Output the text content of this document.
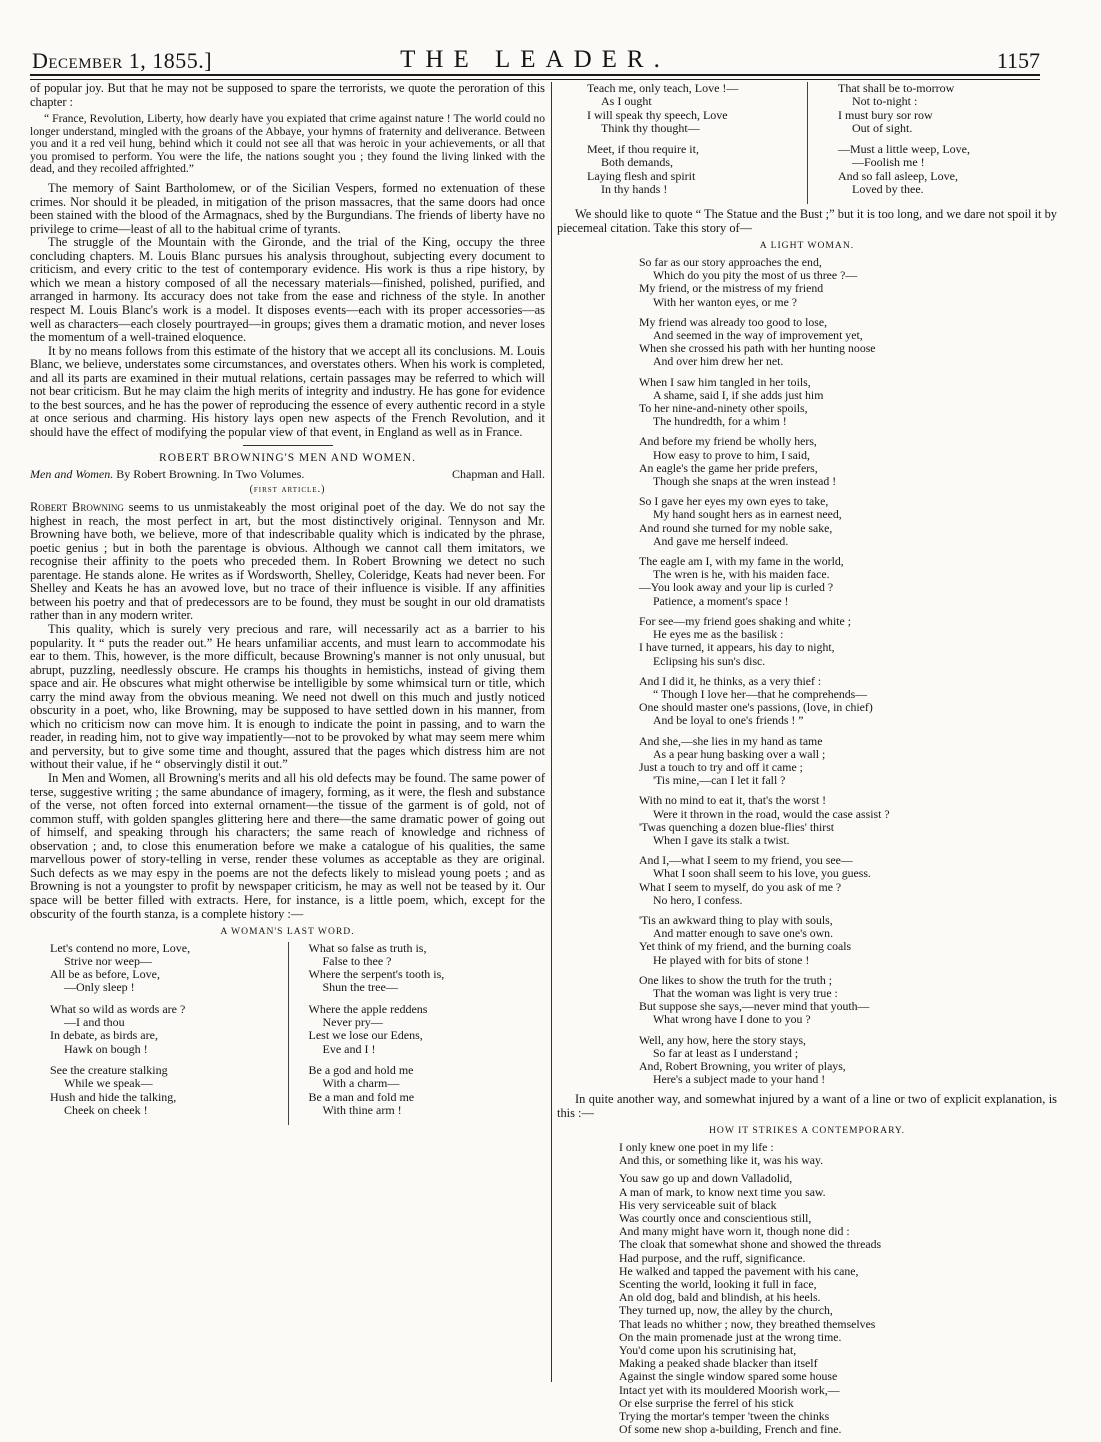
December 1, 1855.]	THE LEADER.	1157

of popular joy. But that he may not be supposed to spare the terrorists, we quote the peroration of this chapter :

“ France, Revolution, Liberty, how dearly have you expiated that crime against nature ! The world could no longer understand, mingled with the groans of the Abbaye, your hymns of fraternity and deliverance. Between you and it a red veil hung, behind which it could not see all that was heroic in your achievements, or all that you promised to perform. You were the life, the nations sought you ; they found the living linked with the dead, and they recoiled affrighted.”

The memory of Saint Bartholomew, or of the Sicilian Vespers, formed no extenuation of these crimes. Nor should it be pleaded, in mitigation of the prison massacres, that the same doors had once been stained with the blood of the Armagnacs, shed by the Burgundians. The friends of liberty have no privilege to crime—least of all to the habitual crime of tyrants.

The struggle of the Mountain with the Gironde, and the trial of the King, occupy the three concluding chapters. M. Louis Blanc pursues his analysis throughout, subjecting every document to criticism, and every critic to the test of contemporary evidence. His work is thus a ripe history, by which we mean a history composed of all the necessary materials—finished, polished, purified, and arranged in harmony. Its accuracy does not take from the ease and richness of the style. In another respect M. Louis Blanc's work is a model. It disposes events—each with its proper accessories—as well as characters—each closely pourtrayed—in groups; gives them a dramatic motion, and never loses the momentum of a well-trained eloquence.

It by no means follows from this estimate of the history that we accept all its conclusions. M. Louis Blanc, we believe, understates some circumstances, and overstates others. When his work is completed, and all its parts are examined in their mutual relations, certain passages may be referred to which will not bear criticism. But he may claim the high merits of integrity and industry. He has gone for evidence to the best sources, and he has the power of reproducing the essence of every authentic record in a style at once serious and charming. His history lays open new aspects of the French Revolution, and it should have the effect of modifying the popular view of that event, in England as well as in France.

ROBERT BROWNING'S MEN AND WOMEN.
Men and Women. By Robert Browning. In Two Volumes.	Chapman and Hall.
(first article.)

Robert Browning seems to us unmistakeably the most original poet of the day. We do not say the highest in reach, the most perfect in art, but the most distinctively original. Tennyson and Mr. Browning have both, we believe, more of that indescribable quality which is indicated by the phrase, poetic genius ; but in both the parentage is obvious. Although we cannot call them imitators, we recognise their affinity to the poets who preceded them. In Robert Browning we detect no such parentage. He stands alone. He writes as if Wordsworth, Shelley, Coleridge, Keats had never been. For Shelley and Keats he has an avowed love, but no trace of their influence is visible. If any affinities between his poetry and that of predecessors are to be found, they must be sought in our old dramatists rather than in any modern writer.

This quality, which is surely very precious and rare, will necessarily act as a barrier to his popularity. It “ puts the reader out.” He hears unfamiliar accents, and must learn to accommodate his ear to them. This, however, is the more difficult, because Browning's manner is not only unusual, but abrupt, puzzling, needlessly obscure. He cramps his thoughts in hemistichs, instead of giving them space and air. He obscures what might otherwise be intelligible by some whimsical turn or title, which carry the mind away from the obvious meaning. We need not dwell on this much and justly noticed obscurity in a poet, who, like Browning, may be supposed to have settled down in his manner, from which no criticism now can move him. It is enough to indicate the point in passing, and to warn the reader, in reading him, not to give way impatiently—not to be provoked by what may seem mere whim and perversity, but to give some time and thought, assured that the pages which distress him are not without their value, if he “ observingly distil it out.”

In Men and Women, all Browning's merits and all his old defects may be found. The same power of terse, suggestive writing ; the same abundance of imagery, forming, as it were, the flesh and substance of the verse, not often forced into external ornament—the tissue of the garment is of gold, not of common stuff, with golden spangles glittering here and there—the same dramatic power of going out of himself, and speaking through his characters; the same reach of knowledge and richness of observation ; and, to close this enumeration before we make a catalogue of his qualities, the same marvellous power of story-telling in verse, render these volumes as acceptable as they are original. Such defects as we may espy in the poems are not the defects likely to mislead young poets ; and as Browning is not a youngster to profit by newspaper criticism, he may as well not be teased by it. Our space will be better filled with extracts. Here, for instance, is a little poem, which, except for the obscurity of the fourth stanza, is a complete history :—

A WOMAN'S LAST WORD.
Let's contend no more, Love,
Strive nor weep—
All be as before, Love,
—Only sleep !
What so wild as words are ?
—I and thou
In debate, as birds are,
Hawk on bough !
See the creature stalking
While we speak—
Hush and hide the talking,
Cheek on cheek !
What so false as truth is,
False to thee ?
Where the serpent's tooth is,
Shun the tree—
Where the apple reddens
Never pry—
Lest we lose our Edens,
Eve and I !
Be a god and hold me
With a charm—
Be a man and fold me
With thine arm !
Teach me, only teach, Love !—
As I ought
I will speak thy speech, Love
Think thy thought—
Meet, if thou require it,
Both demands,
Laying flesh and spirit
In thy hands !
That shall be to-morrow
Not to-night :
I must bury sor row
Out of sight.
—Must a little weep, Love,
—Foolish me !
And so fall asleep, Love,
Loved by thee.

We should like to quote “ The Statue and the Bust ;” but it is too long, and we dare not spoil it by piecemeal citation. Take this story of—

A LIGHT WOMAN.
So far as our story approaches the end,
Which do you pity the most of us three ?—
My friend, or the mistress of my friend
With her wanton eyes, or me ?
My friend was already too good to lose,
And seemed in the way of improvement yet,
When she crossed his path with her hunting noose
And over him drew her net.
When I saw him tangled in her toils,
A shame, said I, if she adds just him
To her nine-and-ninety other spoils,
The hundredth, for a whim !
And before my friend be wholly hers,
How easy to prove to him, I said,
An eagle's the game her pride prefers,
Though she snaps at the wren instead !
So I gave her eyes my own eyes to take,
My hand sought hers as in earnest need,
And round she turned for my noble sake,
And gave me herself indeed.
The eagle am I, with my fame in the world,
The wren is he, with his maiden face.
—You look away and your lip is curled ?
Patience, a moment's space !
For see—my friend goes shaking and white ;
He eyes me as the basilisk :
I have turned, it appears, his day to night,
Eclipsing his sun's disc.
And I did it, he thinks, as a very thief :
“ Though I love her—that he comprehends—
One should master one's passions, (love, in chief)
And be loyal to one's friends ! ”
And she,—she lies in my hand as tame
As a pear hung basking over a wall ;
Just a touch to try and off it came ;
'Tis mine,—can I let it fall ?
With no mind to eat it, that's the worst !
Were it thrown in the road, would the case assist ?
'Twas quenching a dozen blue-flies' thirst
When I gave its stalk a twist.
And I,—what I seem to my friend, you see—
What I soon shall seem to his love, you guess.
What I seem to myself, do you ask of me ?
No hero, I confess.
'Tis an awkward thing to play with souls,
And matter enough to save one's own.
Yet think of my friend, and the burning coals
He played with for bits of stone !
One likes to show the truth for the truth ;
That the woman was light is very true :
But suppose she says,—never mind that youth—
What wrong have I done to you ?
Well, any how, here the story stays,
So far at least as I understand ;
And, Robert Browning, you writer of plays,
Here's a subject made to your hand !

In quite another way, and somewhat injured by a want of a line or two of explicit explanation, is this :—

HOW IT STRIKES A CONTEMPORARY.
I only knew one poet in my life :
And this, or something like it, was his way.
You saw go up and down Valladolid,
A man of mark, to know next time you saw.
His very serviceable suit of black
Was courtly once and conscientious still,
And many might have worn it, though none did :
The cloak that somewhat shone and showed the threads
Had purpose, and the ruff, significance.
He walked and tapped the pavement with his cane,
Scenting the world, looking it full in face,
An old dog, bald and blindish, at his heels.
They turned up, now, the alley by the church,
That leads no whither ; now, they breathed themselves
On the main promenade just at the wrong time.
You'd come upon his scrutinising hat,
Making a peaked shade blacker than itself
Against the single window spared some house
Intact yet with its mouldered Moorish work,—
Or else surprise the ferrel of his stick
Trying the mortar's temper 'tween the chinks
Of some new shop a-building, French and fine.
